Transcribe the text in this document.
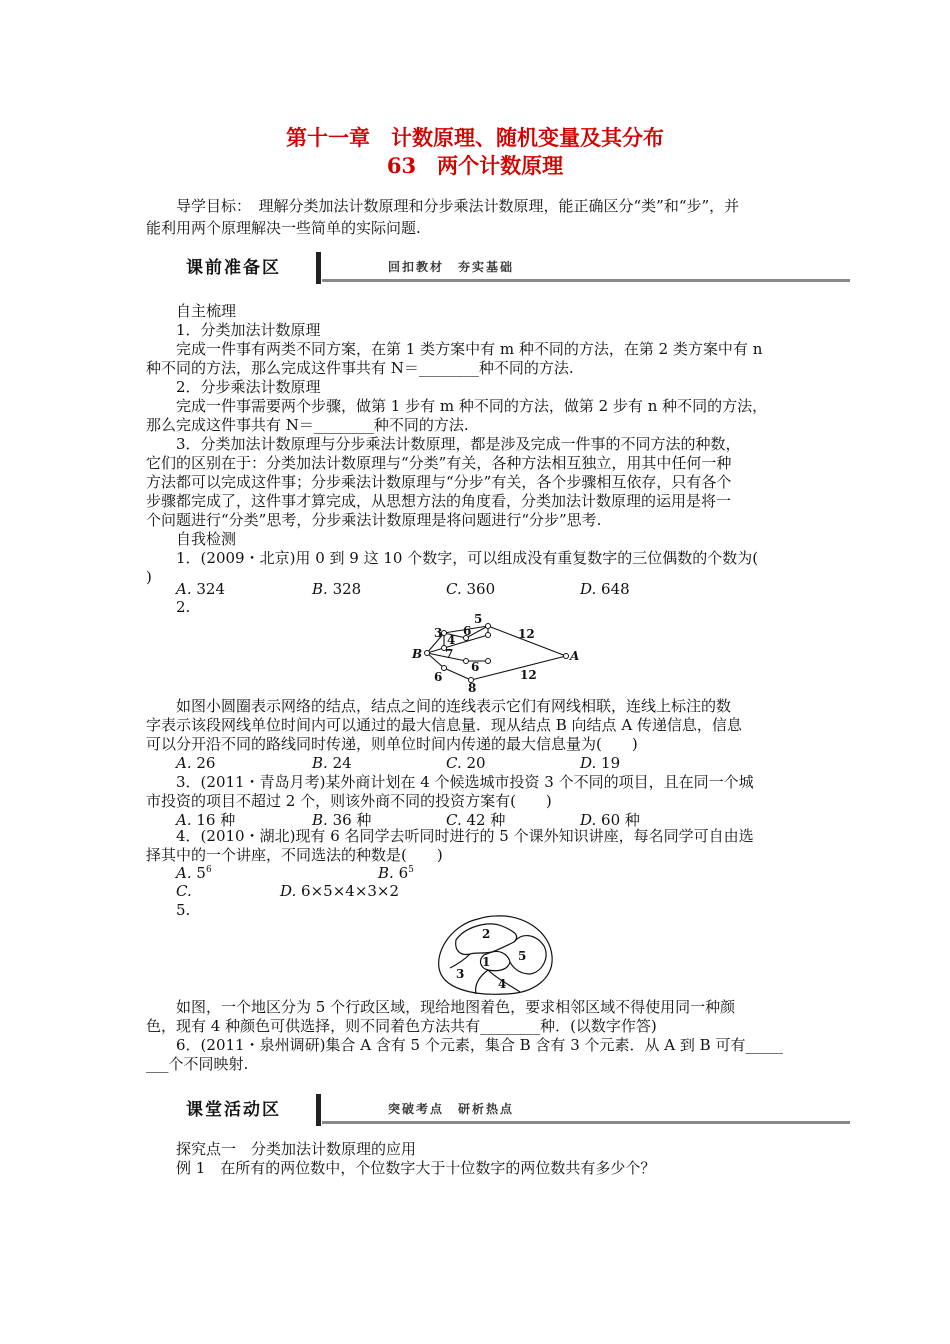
第十一章　计数原理、随机变量及其分布
63　两个计数原理
导学目标：　理解分类加法计数原理和分步乘法计数原理，能正确区分“类”和“步”，并
能利用两个原理解决一些简单的实际问题.
课前准备区	回扣教材　夯实基础
自主梳理
1．分类加法计数原理
完成一件事有两类不同方案，在第 1 类方案中有 m 种不同的方法，在第 2 类方案中有 n
种不同的方法，那么完成这件事共有 N＝________种不同的方法.
2．分步乘法计数原理
完成一件事需要两个步骤，做第 1 步有 m 种不同的方法，做第 2 步有 n 种不同的方法，
那么完成这件事共有 N＝________种不同的方法.
3．分类加法计数原理与分步乘法计数原理，都是涉及完成一件事的不同方法的种数，
它们的区别在于：分类加法计数原理与“分类”有关，各种方法相互独立，用其中任何一种
方法都可以完成这件事；分步乘法计数原理与“分步”有关，各个步骤相互依存，只有各个
步骤都完成了，这件事才算完成，从思想方法的角度看，分类加法计数原理的运用是将一
个问题进行“分类”思考，分步乘法计数原理是将问题进行“分步”思考.
自我检测
1．(2009・北京)用 0 到 9 这 10 个数字，可以组成没有重复数字的三位偶数的个数为(
)
A. 324	B. 328	C. 360	D. 648
2.
B	A
3 4
5
6
7
6
6
8
12
12
如图小圆圈表示网络的结点，结点之间的连线表示它们有网线相联，连线上标注的数
字表示该段网线单位时间内可以通过的最大信息量．现从结点 B 向结点 A 传递信息，信息
可以分开沿不同的路线同时传递，则单位时间内传递的最大信息量为(　　)
A. 26	B. 24	C. 20	D. 19
3．(2011・青岛月考)某外商计划在 4 个候选城市投资 3 个不同的项目，且在同一个城
市投资的项目不超过 2 个，则该外商不同的投资方案有(　　)
A. 16 种	B. 36 种	C. 42 种	D. 60 种
4．(2010・湖北)现有 6 名同学去听同时进行的 5 个课外知识讲座，每名同学可自由选
择其中的一个讲座，不同选法的种数是(　　)
A. $5^6$	B. $6^5$
C.	D. 6×5×4×3×2
5.
2
1
3
4
5
如图，一个地区分为 5 个行政区域，现给地图着色，要求相邻区域不得使用同一种颜
色，现有 4 种颜色可供选择，则不同着色方法共有________种．(以数字作答)
6．(2011・泉州调研)集合 A 含有 5 个元素，集合 B 含有 3 个元素．从 A 到 B 可有_____
___个不同映射.
课堂活动区	突破考点　研析热点
探究点一　分类加法计数原理的应用
例 1　在所有的两位数中，个位数字大于十位数字的两位数共有多少个？
